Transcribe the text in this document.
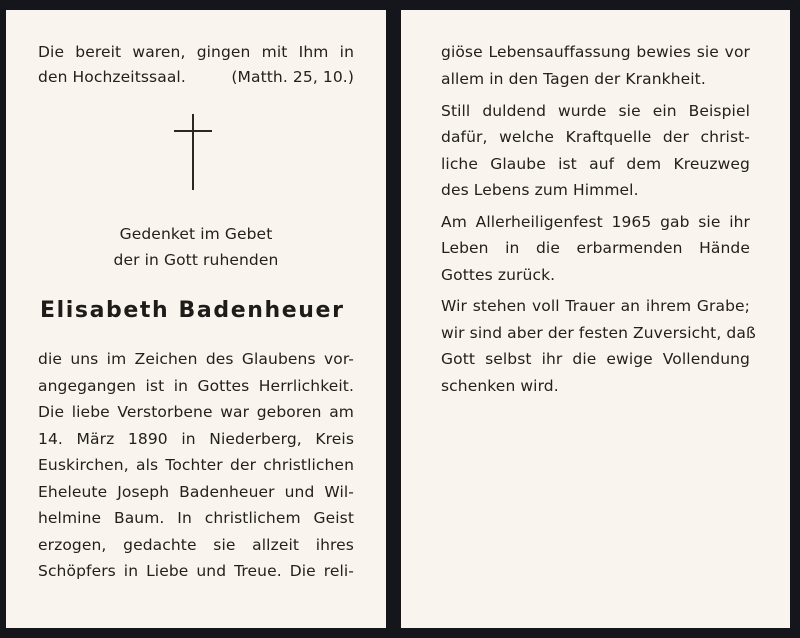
Die bereit waren, gingen mit Ihm in

den Hochzeitssaal.	(Matth. 25, 10.)

Gedenket im Gebet

der in Gott ruhenden

Elisabeth Badenheuer

die uns im Zeichen des Glaubens vor-

angegangen ist in Gottes Herrlichkeit.

Die liebe Verstorbene war geboren am

14. März 1890 in Niederberg, Kreis

Euskirchen, als Tochter der christlichen

Eheleute Joseph Badenheuer und Wil-

helmine Baum. In christlichem Geist

erzogen, gedachte sie allzeit ihres

Schöpfers in Liebe und Treue. Die reli-

giöse Lebensauffassung bewies sie vor

allem in den Tagen der Krankheit.

Still duldend wurde sie ein Beispiel

dafür, welche Kraftquelle der christ-

liche Glaube ist auf dem Kreuzweg

des Lebens zum Himmel.

Am Allerheiligenfest 1965 gab sie ihr

Leben in die erbarmenden Hände

Gottes zurück.

Wir stehen voll Trauer an ihrem Grabe;

wir sind aber der festen Zuversicht, daß

Gott selbst ihr die ewige Vollendung

schenken wird.
